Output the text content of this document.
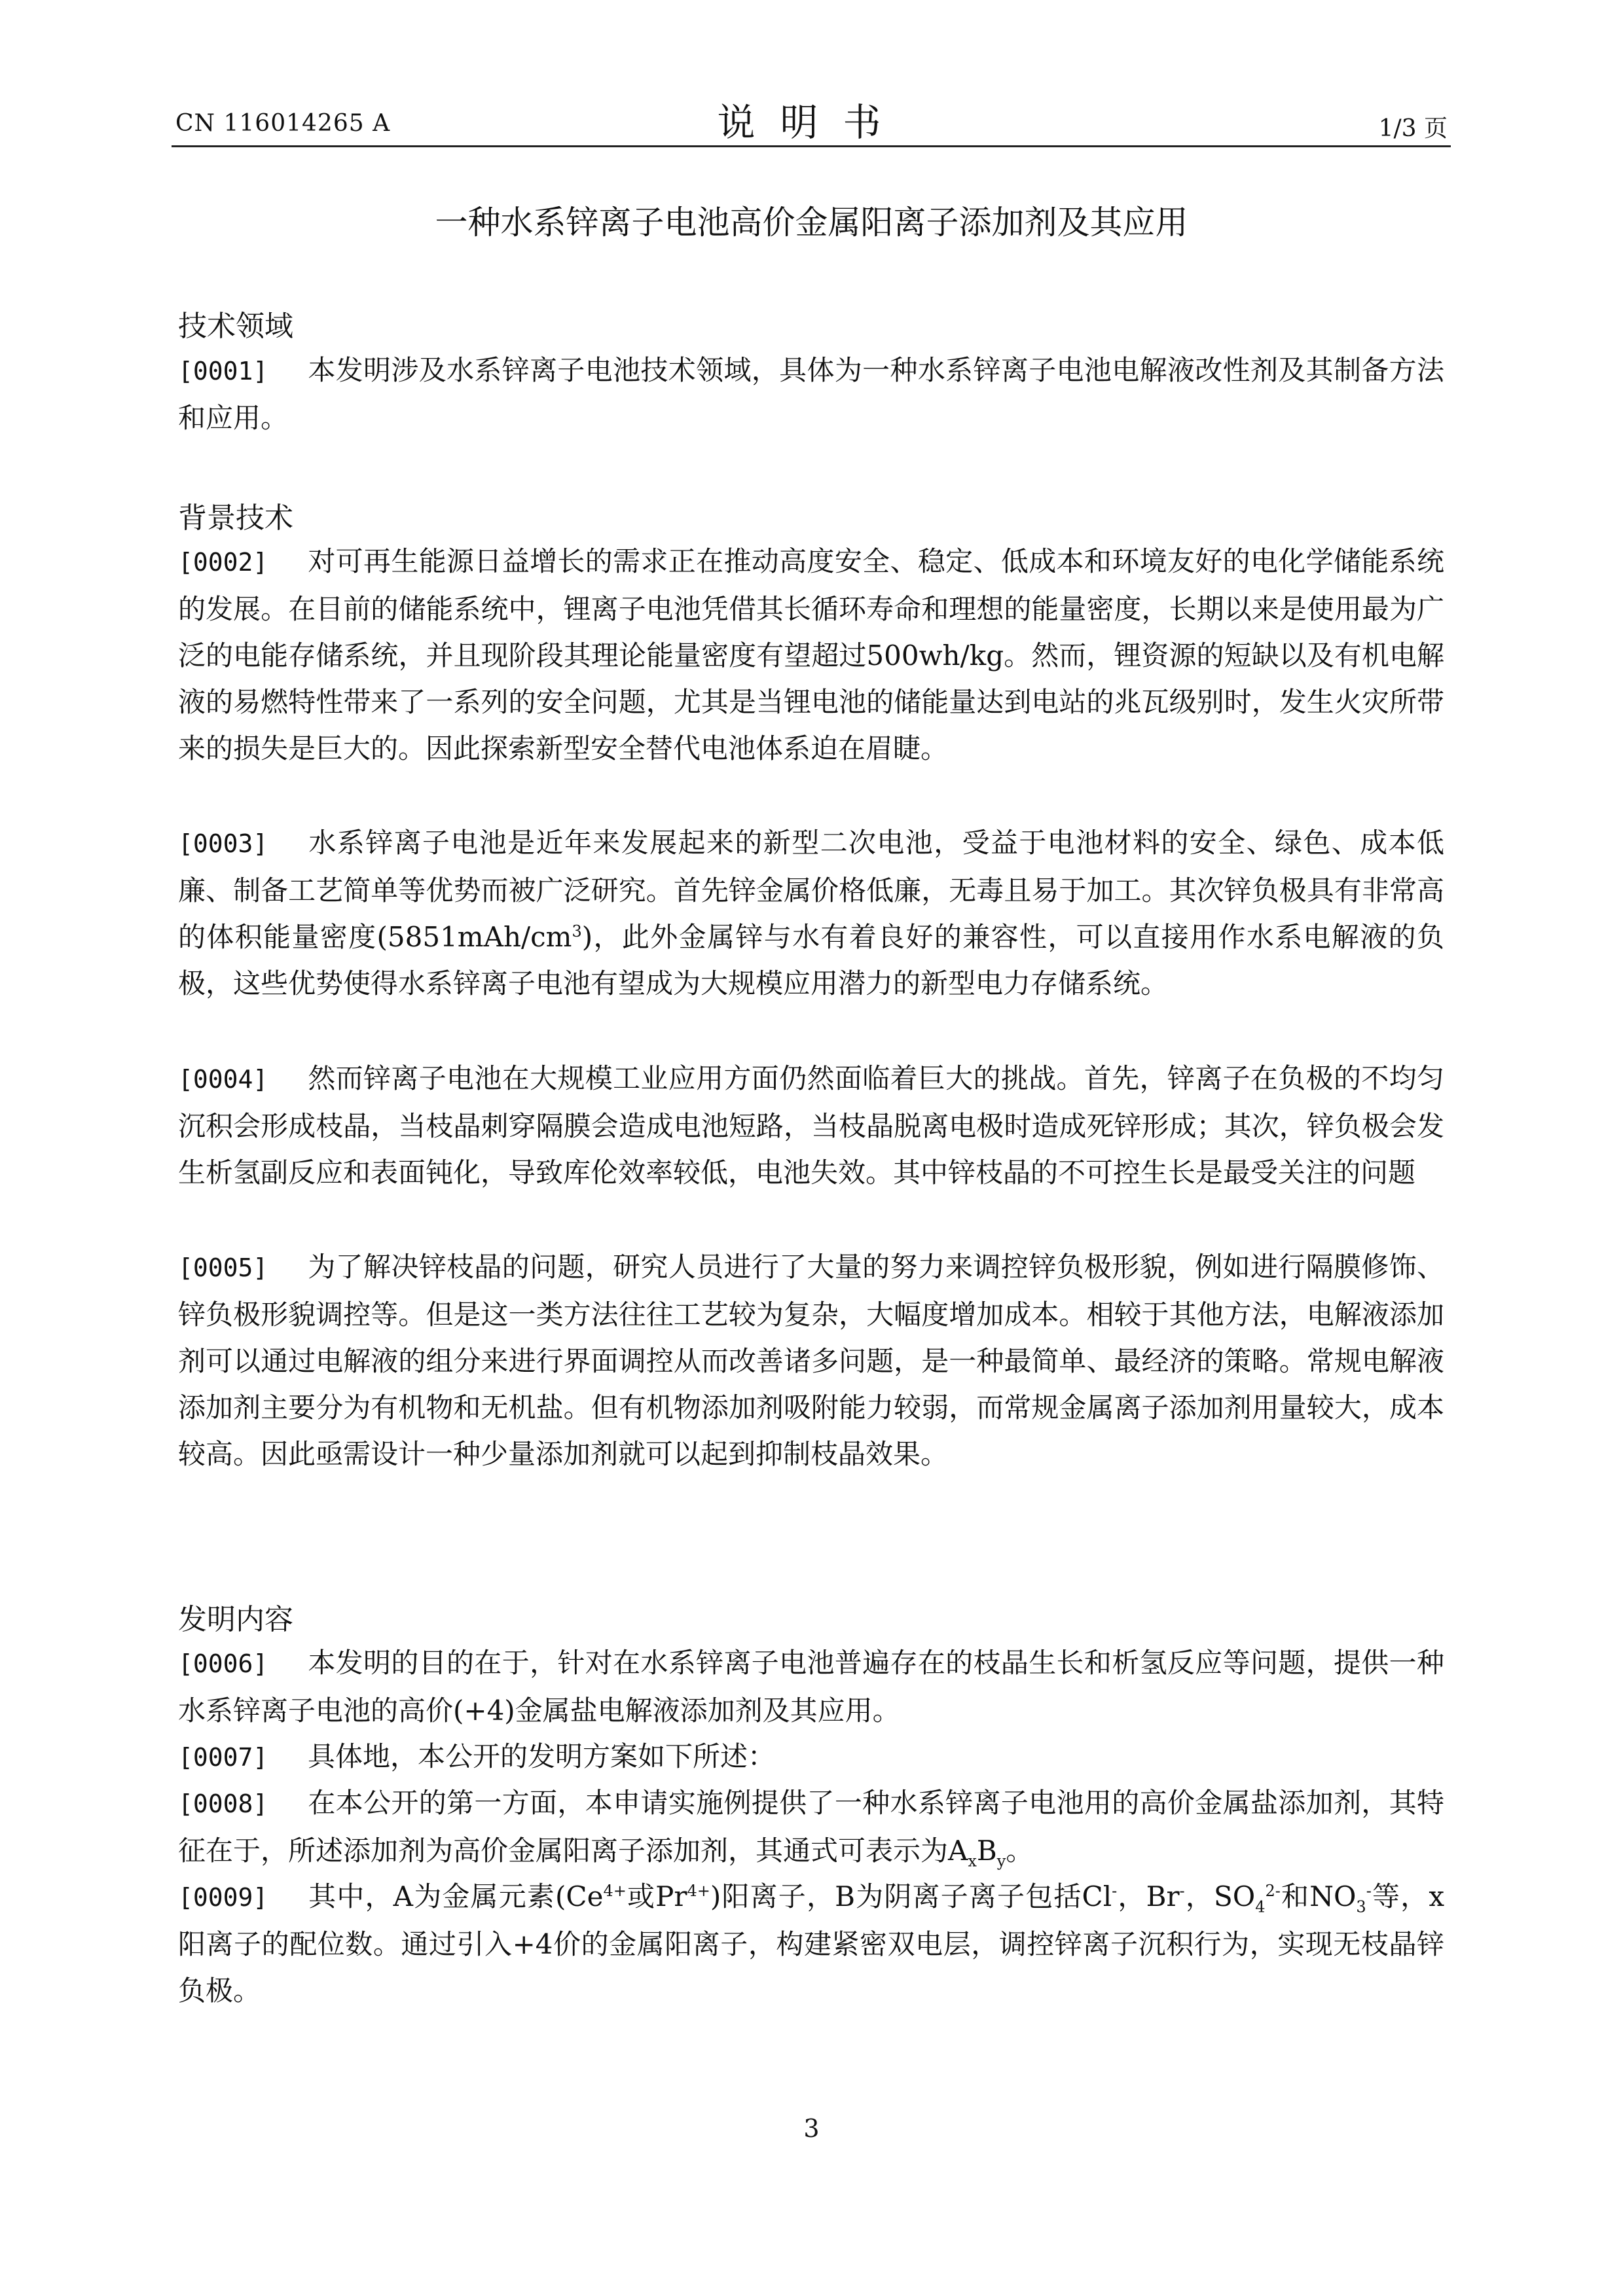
CN 116014265 A	说明书	1/3 页
一种水系锌离子电池高价金属阳离子添加剂及其应用
技术领域
[0001] 本发明涉及水系锌离子电池技术领域，具体为一种水系锌离子电池电解液改性剂及其制备方法和应用。
背景技术
[0002] 对可再生能源日益增长的需求正在推动高度安全、稳定、低成本和环境友好的电化学储能系统的发展。在目前的储能系统中，锂离子电池凭借其长循环寿命和理想的能量密度，长期以来是使用最为广泛的电能存储系统，并且现阶段其理论能量密度有望超过500wh/kg。然而，锂资源的短缺以及有机电解液的易燃特性带来了一系列的安全问题，尤其是当锂电池的储能量达到电站的兆瓦级别时，发生火灾所带来的损失是巨大的。因此探索新型安全替代电池体系迫在眉睫。
[0003] 水系锌离子电池是近年来发展起来的新型二次电池，受益于电池材料的安全、绿色、成本低廉、制备工艺简单等优势而被广泛研究。首先锌金属价格低廉，无毒且易于加工。其次锌负极具有非常高的体积能量密度$(5851mAh/cm^3)$，此外金属锌与水有着良好的兼容性，可以直接用作水系电解液的负极，这些优势使得水系锌离子电池有望成为大规模应用潜力的新型电力存储系统。
[0004] 然而锌离子电池在大规模工业应用方面仍然面临着巨大的挑战。首先，锌离子在负极的不均匀沉积会形成枝晶，当枝晶刺穿隔膜会造成电池短路，当枝晶脱离电极时造成死锌形成；其次，锌负极会发生析氢副反应和表面钝化，导致库伦效率较低，电池失效。其中锌枝晶的不可控生长是最受关注的问题
[0005] 为了解决锌枝晶的问题，研究人员进行了大量的努力来调控锌负极形貌，例如进行隔膜修饰、锌负极形貌调控等。但是这一类方法往往工艺较为复杂，大幅度增加成本。相较于其他方法，电解液添加剂可以通过电解液的组分来进行界面调控从而改善诸多问题，是一种最简单、最经济的策略。常规电解液添加剂主要分为有机物和无机盐。但有机物添加剂吸附能力较弱，而常规金属离子添加剂用量较大，成本较高。因此亟需设计一种少量添加剂就可以起到抑制枝晶效果。
发明内容
[0006] 本发明的目的在于，针对在水系锌离子电池普遍存在的枝晶生长和析氢反应等问题，提供一种水系锌离子电池的高价(+4)金属盐电解液添加剂及其应用。
[0007] 具体地，本公开的发明方案如下所述：
[0008] 在本公开的第一方面，本申请实施例提供了一种水系锌离子电池用的高价金属盐添加剂，其特征在于，所述添加剂为高价金属阳离子添加剂，其通式可表示为$A_xB_y$。
[0009] 其中，A为金属元素($Ce^{4+}$或$Pr^{4+}$)阳离子，B为阴离子离子包括Cl-，Br-，$SO_4^{2-}$和$NO_3^-$等，x阳离子的配位数。通过引入+4价的金属阳离子，构建紧密双电层，调控锌离子沉积行为，实现无枝晶锌负极。
3
